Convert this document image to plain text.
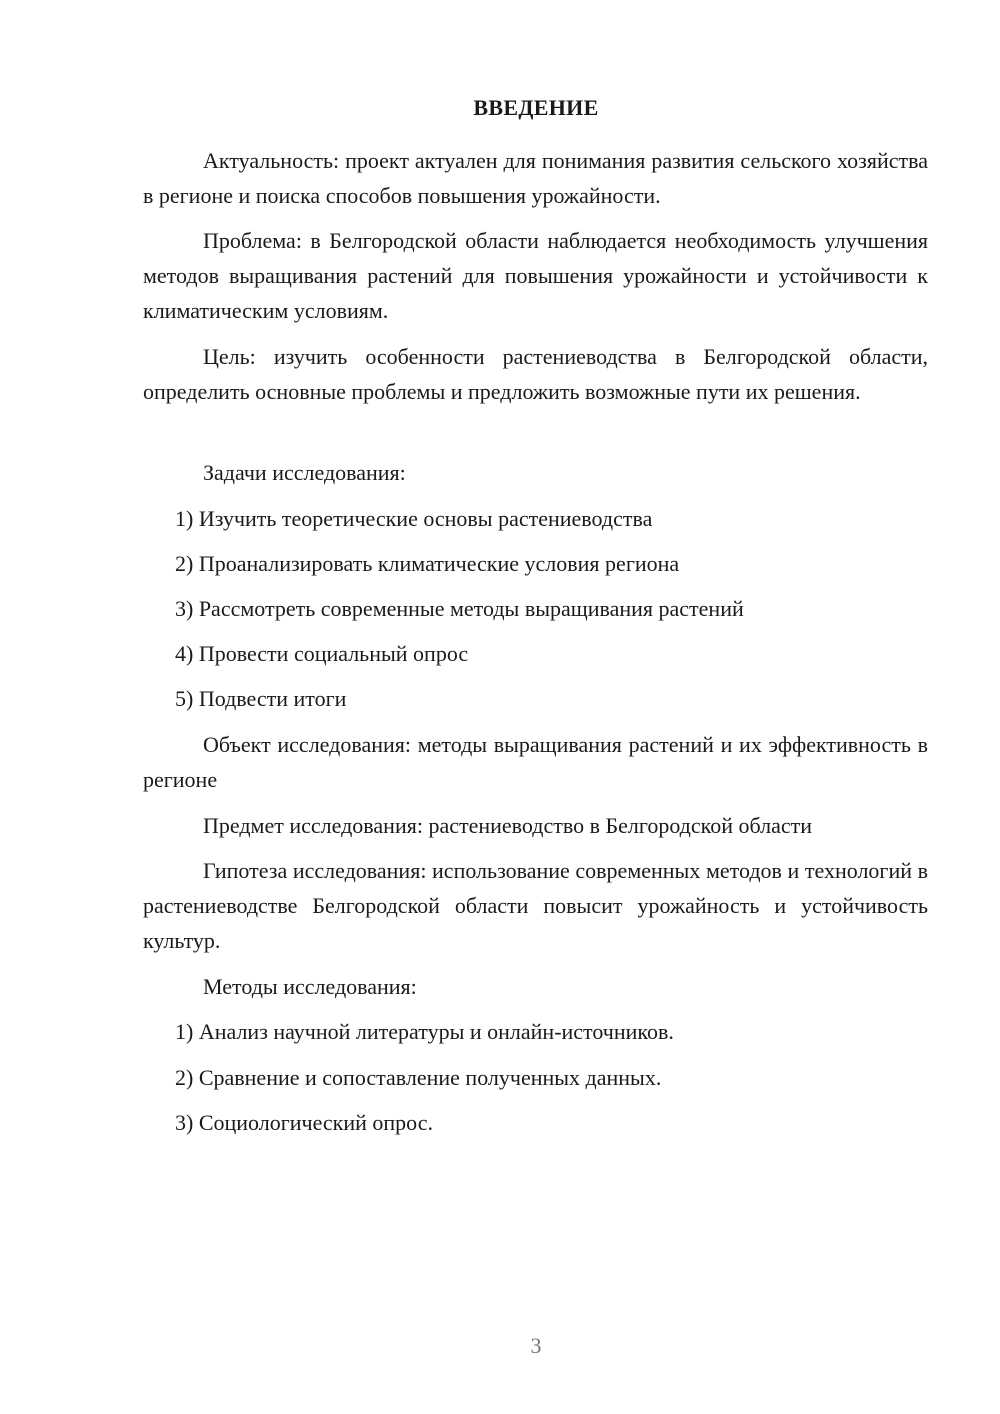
ВВЕДЕНИЕ

Актуальность: проект актуален для понимания развития сельского хозяйства в регионе и поиска способов повышения урожайности.

Проблема: в Белгородской области наблюдается необходимость улучшения методов выращивания растений для повышения урожайности и устойчивости к климатическим условиям.

Цель: изучить особенности растениеводства в Белгородской области, определить основные проблемы и предложить возможные пути их решения.

Задачи исследования:
1) Изучить теоретические основы растениеводства
2) Проанализировать климатические условия региона
3) Рассмотреть современные методы выращивания растений
4) Провести социальный опрос
5) Подвести итоги

Объект исследования: методы выращивания растений и их эффективность в регионе

Предмет исследования: растениеводство в Белгородской области

Гипотеза исследования: использование современных методов и технологий в растениеводстве Белгородской области повысит урожайность и устойчивость культур.

Методы исследования:
1) Анализ научной литературы и онлайн-источников.
2) Сравнение и сопоставление полученных данных.
3) Социологический опрос.
3
